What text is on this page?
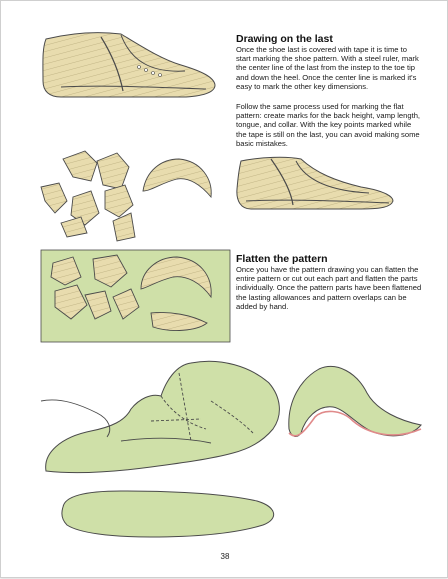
Drawing on the last

Once the shoe last is covered with tape it is time to start marking the shoe pattern. With a steel ruler, mark the center line of the last from the instep to the toe tip and down the heel. Once the center line is marked it's easy to mark the other key dimensions.

Follow the same process used for marking the flat pattern: create marks for the back height, vamp length, tongue, and collar. With the key points marked while the tape is still on the last, you can avoid making some basic mistakes.

Flatten the pattern

Once you have the pattern drawing you can flatten the entire pattern or cut out each part and flatten the parts individually. Once the pattern parts have been flattened the lasting allowances and pattern overlaps can be added by hand.

38
